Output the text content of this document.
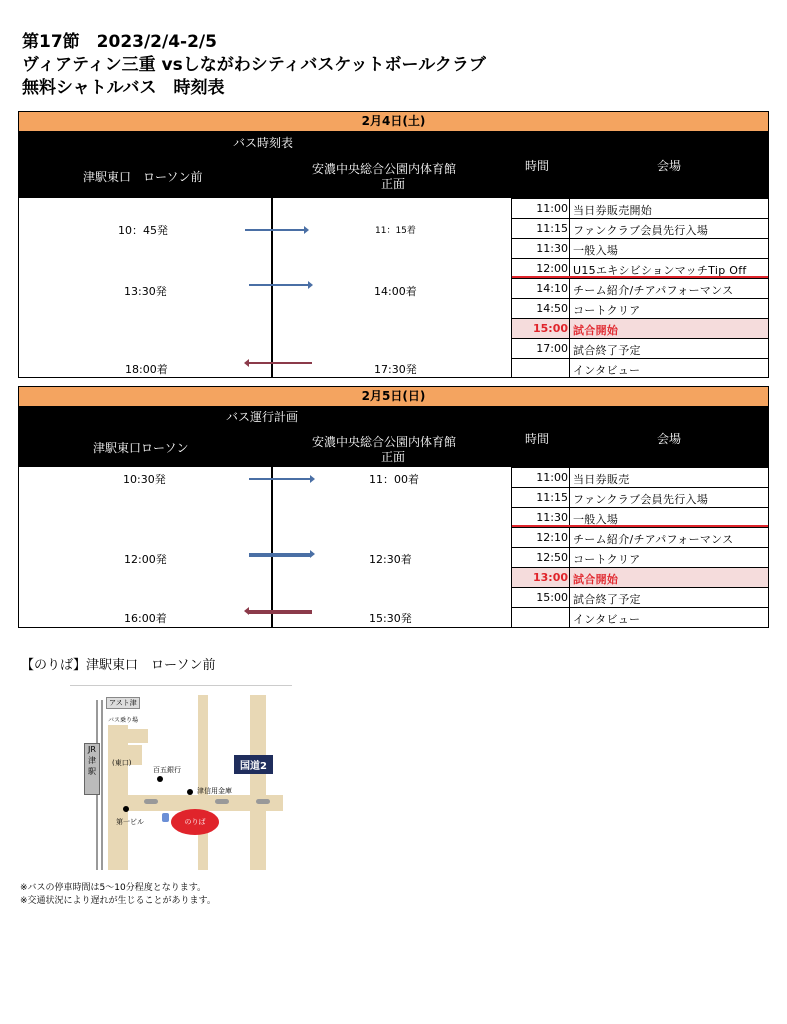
第17節　2023/2/4-2/5
ヴィアティン三重 vsしながわシティバスケットボールクラブ
無料シャトルバス　時刻表
2月4日(土)
バス時刻表
津駅東口　ローソン前
安濃中央総合公園内体育館
正面
時間	会場
10：45発	11：15着
13:30発	14:00着
18:00着	17:30発
11:00 当日券販売開始
11:15 ファンクラブ会員先行入場
11:30 一般入場
12:00 U15エキシビションマッチTip Off
14:10 チーム紹介/チアパフォーマンス
14:50 コートクリア
15:00 試合開始
17:00 試合終了予定
インタビュー
2月5日(日)
バス運行計画
津駅東口ローソン	安濃中央総合公園内体育館
正面
時間	会場
10:30発	11：00着
12:00発	12:30着
16:00着	15:30発
11:00 当日券販売
11:15 ファンクラブ会員先行入場
11:30 一般入場
12:10 チーム紹介/チアパフォーマンス
12:50 コートクリア
13:00 試合開始
15:00 試合終了予定
インタビュー
【のりば】津駅東口　ローソン前
アスト津
バス乗り場
JR
津
駅
(東口)
百五銀行
津信用金庫
第一ビル
国道2
のりば
※バスの停車時間は5～10分程度となります。
※交通状況により遅れが生じることがあります。
